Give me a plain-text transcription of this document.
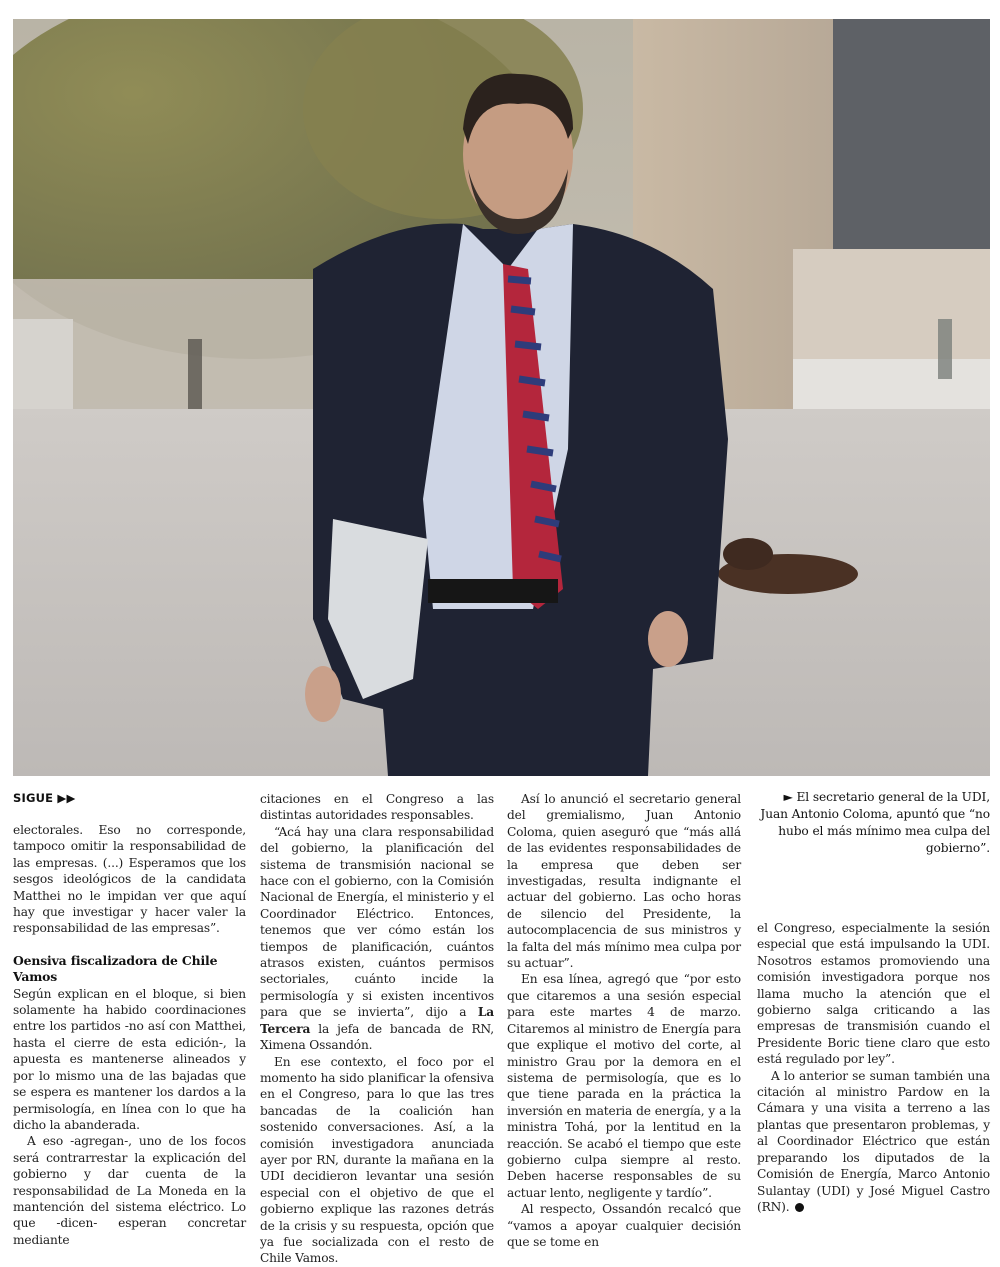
SIGUE ▶▶

electorales. Eso no corresponde, tampoco omitir la responsabilidad de las empresas. (...) Esperamos que los sesgos ideológicos de la candidata Matthei no le impidan ver que aquí hay que investigar y hacer valer la responsabilidad de las empresas”.

Oensiva fiscalizadora de Chile Vamos

Según explican en el bloque, si bien solamente ha habido coordinaciones entre los partidos -no así con Matthei, hasta el cierre de esta edición-, la apuesta es mantenerse alineados y por lo mismo una de las bajadas que se espera es mantener los dardos a la permisología, en línea con lo que ha dicho la abanderada.

A eso -agregan-, uno de los focos será contrarrestar la explicación del gobierno y dar cuenta de la responsabilidad de La Moneda en la mantención del sistema eléctrico. Lo que -dicen- esperan concretar mediante

citaciones en el Congreso a las distintas autoridades responsables.

“Acá hay una clara responsabilidad del gobierno, la planificación del sistema de transmisión nacional se hace con el gobierno, con la Comisión Nacional de Energía, el ministerio y el Coordinador Eléctrico. Entonces, tenemos que ver cómo están los tiempos de planificación, cuántos atrasos existen, cuántos permisos sectoriales, cuánto incide la permisología y si existen incentivos para que se invierta”, dijo a La Tercera la jefa de bancada de RN, Ximena Ossandón.

En ese contexto, el foco por el momento ha sido planificar la ofensiva en el Congreso, para lo que las tres bancadas de la coalición han sostenido conversaciones. Así, a la comisión investigadora anunciada ayer por RN, durante la mañana en la UDI decidieron levantar una sesión especial con el objetivo de que el gobierno explique las razones detrás de la crisis y su respuesta, opción que ya fue socializada con el resto de Chile Vamos.

Así lo anunció el secretario general del gremialismo, Juan Antonio Coloma, quien aseguró que “más allá de las evidentes responsabilidades de la empresa que deben ser investigadas, resulta indignante el actuar del gobierno. Las ocho horas de silencio del Presidente, la autocomplacencia de sus ministros y la falta del más mínimo mea culpa por su actuar”.

En esa línea, agregó que “por esto que citaremos a una sesión especial para este martes 4 de marzo. Citaremos al ministro de Energía para que explique el motivo del corte, al ministro Grau por la demora en el sistema de permisología, que es lo que tiene parada en la práctica la inversión en materia de energía, y a la ministra Tohá, por la lentitud en la reacción. Se acabó el tiempo que este gobierno culpa siempre al resto. Deben hacerse responsables de su actuar lento, negligente y tardío”.

Al respecto, Ossandón recalcó que “vamos a apoyar cualquier decisión que se tome en

► El secretario general de la UDI, Juan Antonio Coloma, apuntó que “no hubo el más mínimo mea culpa del gobierno”.

el Congreso, especialmente la sesión especial que está impulsando la UDI. Nosotros estamos promoviendo una comisión investigadora porque nos llama mucho la atención que el gobierno salga criticando a las empresas de transmisión cuando el Presidente Boric tiene claro que esto está regulado por ley”.

A lo anterior se suman también una citación al ministro Pardow en la Cámara y una visita a terreno a las plantas que presentaron problemas, y al Coordinador Eléctrico que están preparando los diputados de la Comisión de Energía, Marco Antonio Sulantay (UDI) y José Miguel Castro (RN).
